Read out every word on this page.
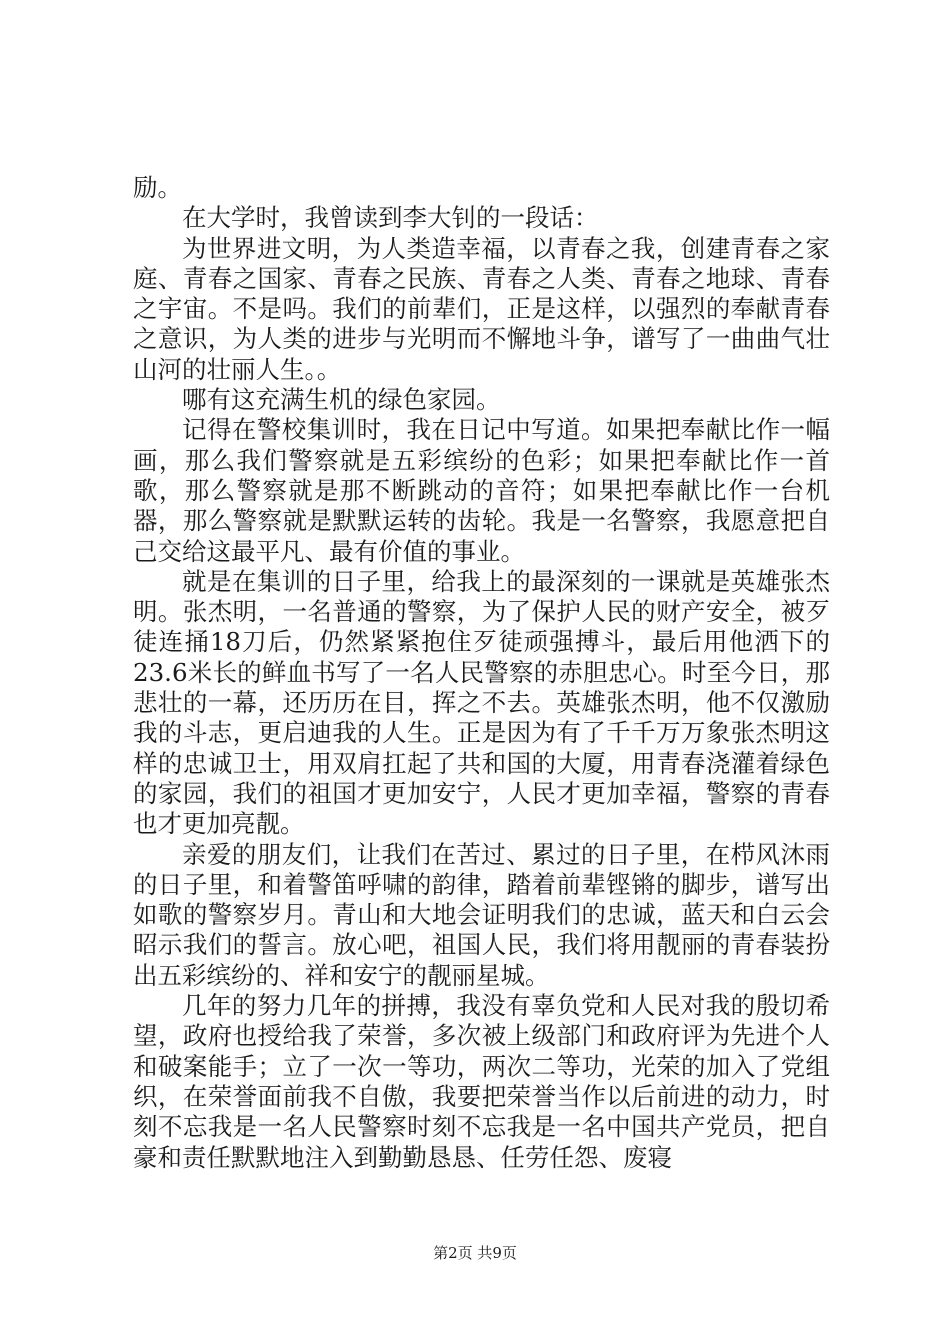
励。

在大学时，我曾读到李大钊的一段话：

为世界进文明，为人类造幸福，以青春之我，创建青春之家庭、青春之国家、青春之民族、青春之人类、青春之地球、青春之宇宙。不是吗。我们的前辈们，正是这样，以强烈的奉献青春之意识，为人类的进步与光明而不懈地斗争，谱写了一曲曲气壮山河的壮丽人生。。

哪有这充满生机的绿色家园。

记得在警校集训时，我在日记中写道。如果把奉献比作一幅画，那么我们警察就是五彩缤纷的色彩；如果把奉献比作一首歌，那么警察就是那不断跳动的音符；如果把奉献比作一台机器，那么警察就是默默运转的齿轮。我是一名警察，我愿意把自己交给这最平凡、最有价值的事业。

就是在集训的日子里，给我上的最深刻的一课就是英雄张杰明。张杰明，一名普通的警察，为了保护人民的财产安全，被歹徒连捅18刀后，仍然紧紧抱住歹徒顽强搏斗，最后用他洒下的23.6米长的鲜血书写了一名人民警察的赤胆忠心。时至今日，那悲壮的一幕，还历历在目，挥之不去。英雄张杰明，他不仅激励我的斗志，更启迪我的人生。正是因为有了千千万万象张杰明这样的忠诚卫士，用双肩扛起了共和国的大厦，用青春浇灌着绿色的家园，我们的祖国才更加安宁，人民才更加幸福，警察的青春也才更加亮靓。

亲爱的朋友们，让我们在苦过、累过的日子里，在栉风沐雨的日子里，和着警笛呼啸的韵律，踏着前辈铿锵的脚步，谱写出如歌的警察岁月。青山和大地会证明我们的忠诚，蓝天和白云会昭示我们的誓言。放心吧，祖国人民，我们将用靓丽的青春装扮出五彩缤纷的、祥和安宁的靓丽星城。

几年的努力几年的拼搏，我没有辜负党和人民对我的殷切希望，政府也授给我了荣誉，多次被上级部门和政府评为先进个人和破案能手；立了一次一等功，两次二等功，光荣的加入了党组织，在荣誉面前我不自傲，我要把荣誉当作以后前进的动力，时刻不忘我是一名人民警察时刻不忘我是一名中国共产党员，把自豪和责任默默地注入到勤勤恳恳、任劳任怨、废寝

第2页 共9页
